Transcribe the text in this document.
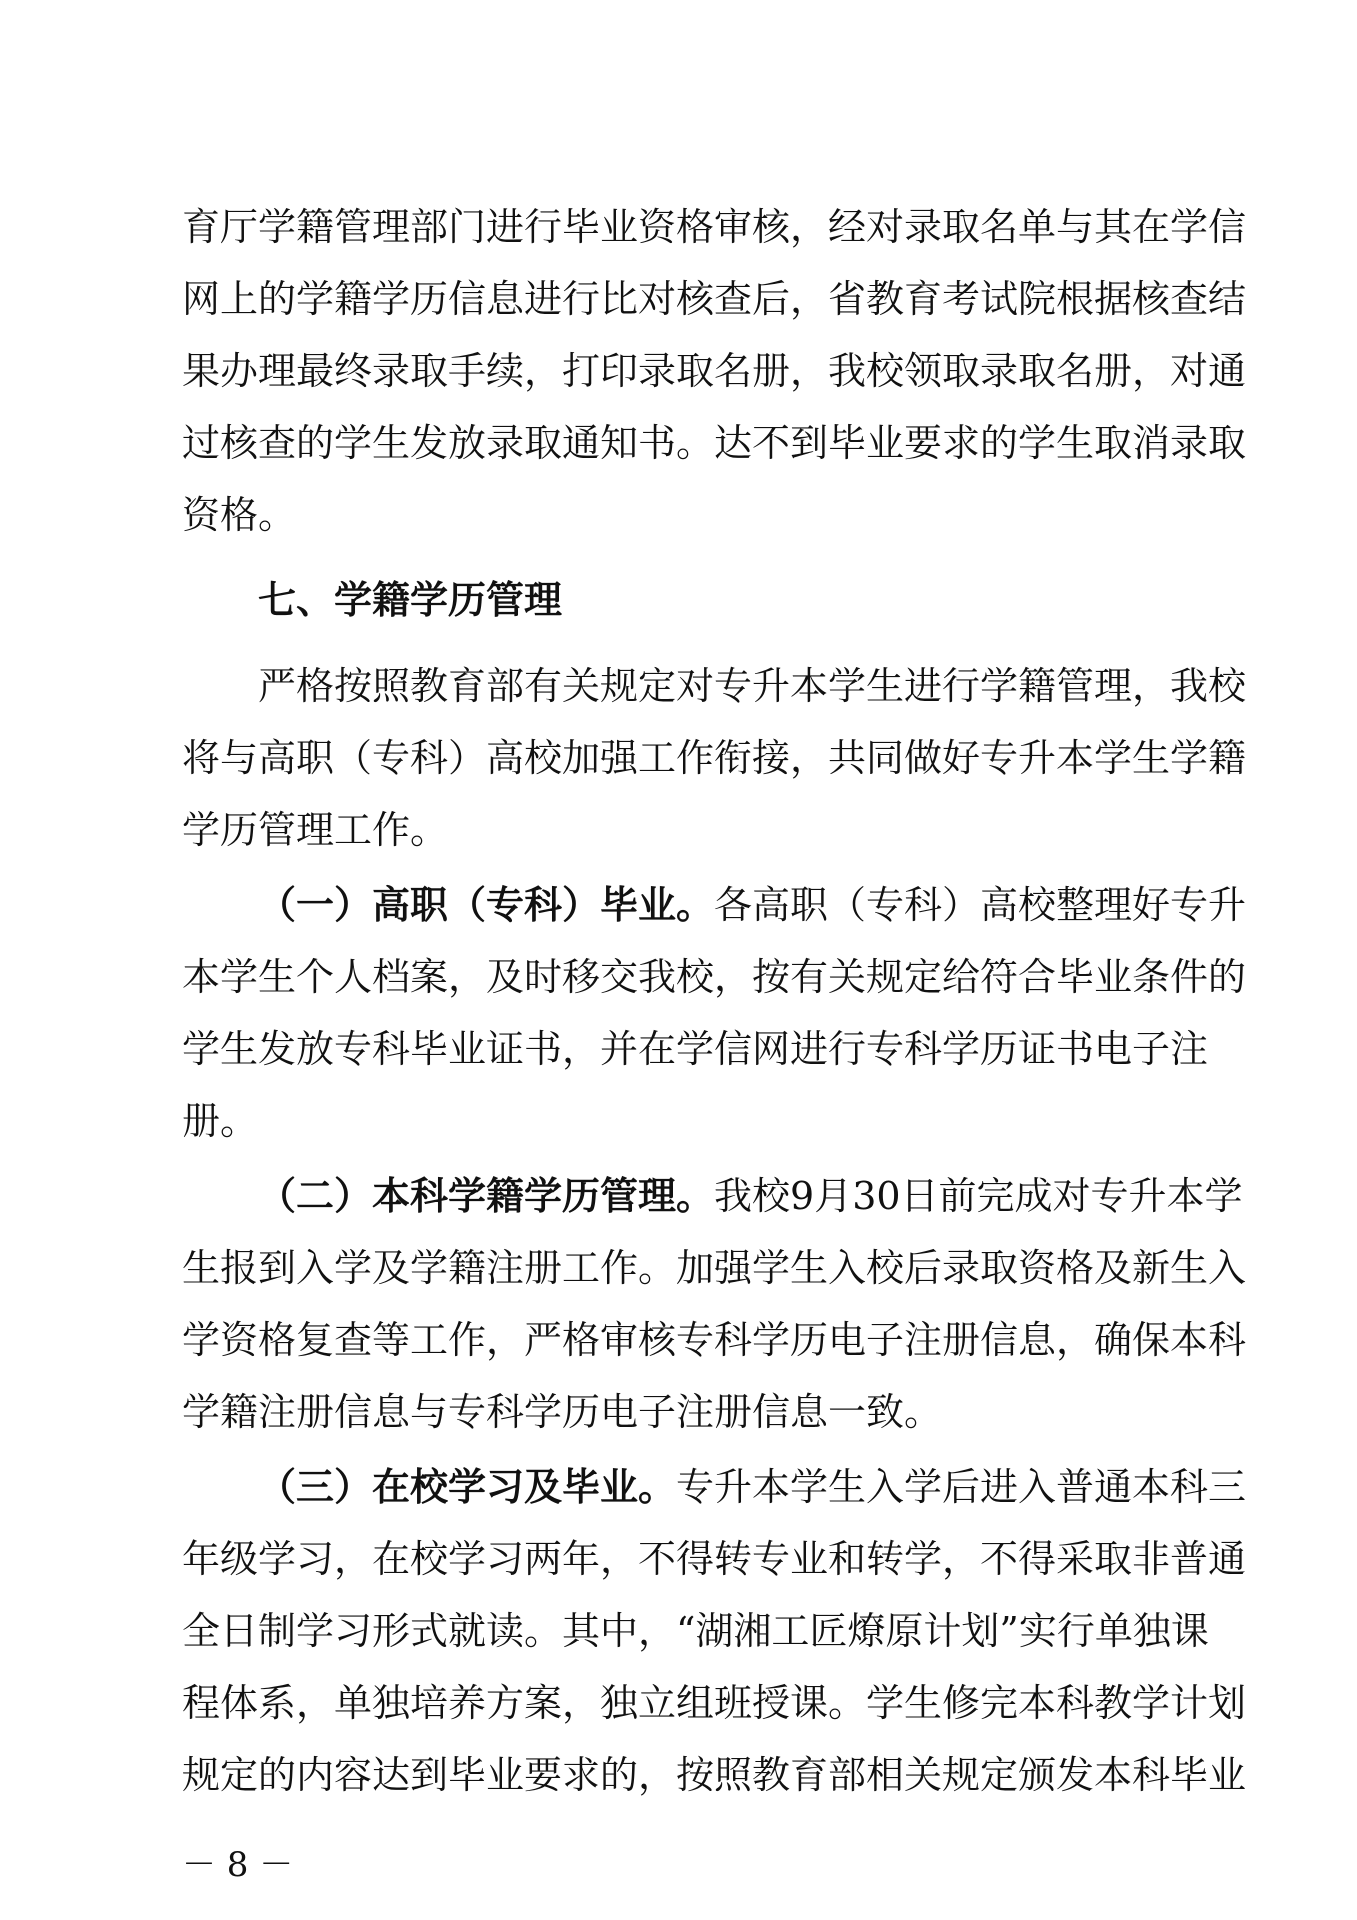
育厅学籍管理部门进行毕业资格审核，经对录取名单与其在学信
网上的学籍学历信息进行比对核查后，省教育考试院根据核查结
果办理最终录取手续，打印录取名册，我校领取录取名册，对通
过核查的学生发放录取通知书。达不到毕业要求的学生取消录取
资格。
七、学籍学历管理
严格按照教育部有关规定对专升本学生进行学籍管理，我校
将与高职（专科）高校加强工作衔接，共同做好专升本学生学籍
学历管理工作。
（一）高职（专科）毕业。各高职（专科）高校整理好专升
本学生个人档案，及时移交我校，按有关规定给符合毕业条件的
学生发放专科毕业证书，并在学信网进行专科学历证书电子注
册。
（二）本科学籍学历管理。我校9月30日前完成对专升本学
生报到入学及学籍注册工作。加强学生入校后录取资格及新生入
学资格复查等工作，严格审核专科学历电子注册信息，确保本科
学籍注册信息与专科学历电子注册信息一致。
（三）在校学习及毕业。专升本学生入学后进入普通本科三
年级学习，在校学习两年，不得转专业和转学，不得采取非普通
全日制学习形式就读。其中，“湖湘工匠燎原计划”实行单独课
程体系，单独培养方案，独立组班授课。学生修完本科教学计划
规定的内容达到毕业要求的，按照教育部相关规定颁发本科毕业
－ 8 －
